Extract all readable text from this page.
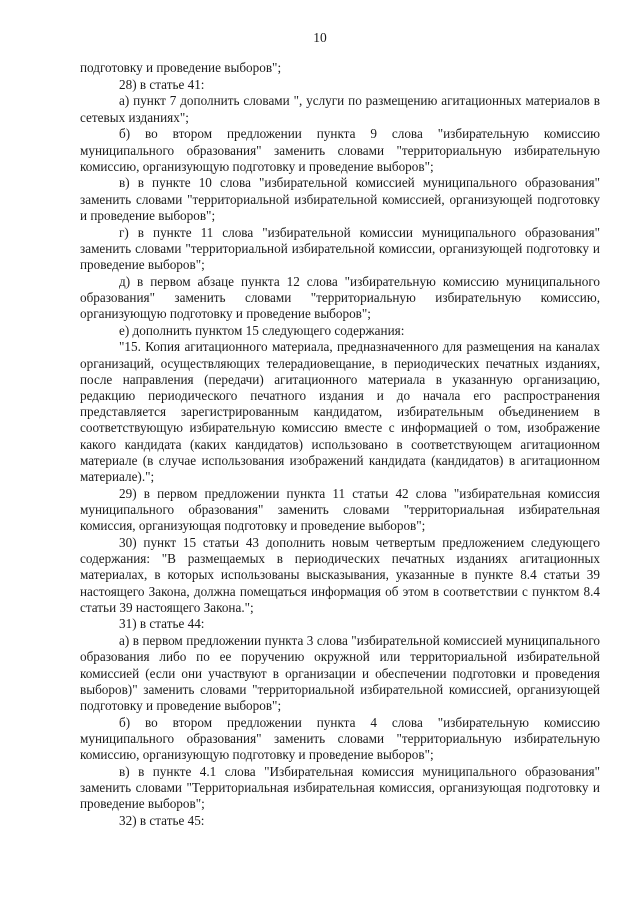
10

подготовку и проведение выборов";

28) в статье 41:

а) пункт 7 дополнить словами ", услуги по размещению агитационных материалов в сетевых изданиях";

б) во втором предложении пункта 9 слова "избирательную комиссию муниципального образования" заменить словами "территориальную избирательную комиссию, организующую подготовку и проведение выборов";

в) в пункте 10 слова "избирательной комиссией муниципального образования" заменить словами "территориальной избирательной комиссией, организующей подготовку и проведение выборов";

г) в пункте 11 слова "избирательной комиссии муниципального образования" заменить словами "территориальной избирательной комиссии, организующей подготовку и проведение выборов";

д) в первом абзаце пункта 12 слова "избирательную комиссию муниципального образования" заменить словами "территориальную избирательную комиссию, организующую подготовку и проведение выборов";

е) дополнить пунктом 15 следующего содержания:

"15. Копия агитационного материала, предназначенного для размещения на каналах организаций, осуществляющих телерадиовещание, в периодических печатных изданиях, после направления (передачи) агитационного материала в указанную организацию, редакцию периодического печатного издания и до начала его распространения представляется зарегистрированным кандидатом, избирательным объединением в соответствующую избирательную комиссию вместе с информацией о том, изображение какого кандидата (каких кандидатов) использовано в соответствующем агитационном материале (в случае использования изображений кандидата (кандидатов) в агитационном материале).";

29) в первом предложении пункта 11 статьи 42 слова "избирательная комиссия муниципального образования" заменить словами "территориальная избирательная комиссия, организующая подготовку и проведение выборов";

30) пункт 15 статьи 43 дополнить новым четвертым предложением следующего содержания: "В размещаемых в периодических печатных изданиях агитационных материалах, в которых использованы высказывания, указанные в пункте 8.4 статьи 39 настоящего Закона, должна помещаться информация об этом в соответствии с пунктом 8.4 статьи 39 настоящего Закона.";

31) в статье 44:

а) в первом предложении пункта 3 слова "избирательной комиссией муниципального образования либо по ее поручению окружной или территориальной избирательной комиссией (если они участвуют в организации и обеспечении подготовки и проведения выборов)" заменить словами "территориальной избирательной комиссией, организующей подготовку и проведение выборов";

б) во втором предложении пункта 4 слова "избирательную комиссию муниципального образования" заменить словами "территориальную избирательную комиссию, организующую подготовку и проведение выборов";

в) в пункте 4.1 слова "Избирательная комиссия муниципального образования" заменить словами "Территориальная избирательная комиссия, организующая подготовку и проведение выборов";

32) в статье 45:
